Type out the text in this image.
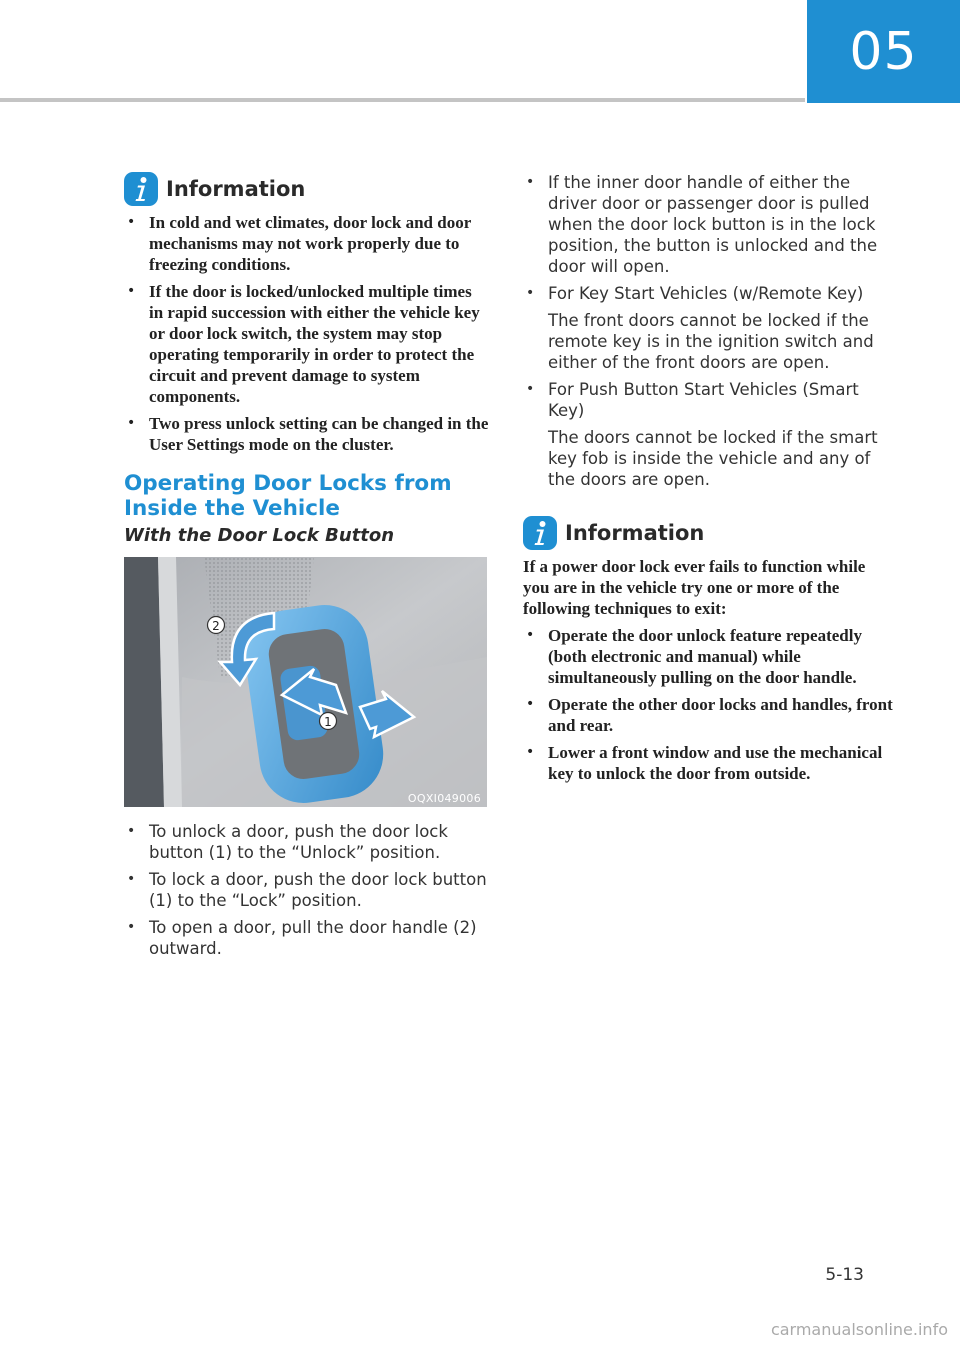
05
Information
• In cold and wet climates, door lock and door mechanisms may not work properly due to freezing conditions.
• If the door is locked/unlocked multiple times in rapid succession with either the vehicle key or door lock switch, the system may stop operating temporarily in order to protect the circuit and prevent damage to system components.
• Two press unlock setting can be changed in the User Settings mode on the cluster.
Operating Door Locks from
Inside the Vehicle
With the Door Lock Button
2
1
OQXI049006
• To unlock a door, push the door lock button (1) to the “Unlock” position.
• To lock a door, push the door lock button (1) to the “Lock” position.
• To open a door, pull the door handle (2) outward.
• If the inner door handle of either the driver door or passenger door is pulled when the door lock button is in the lock position, the button is unlocked and the door will open.
• For Key Start Vehicles (w/Remote Key)
The front doors cannot be locked if the remote key is in the ignition switch and either of the front doors are open.
• For Push Button Start Vehicles (Smart Key)
The doors cannot be locked if the smart key fob is inside the vehicle and any of the doors are open.
Information

If a power door lock ever fails to function while you are in the vehicle try one or more of the following techniques to exit:

• Operate the door unlock feature repeatedly (both electronic and manual) while simultaneously pulling on the door handle.
• Operate the other door locks and handles, front and rear.
• Lower a front window and use the mechanical key to unlock the door from outside.
5-13
carmanualsonline.info
